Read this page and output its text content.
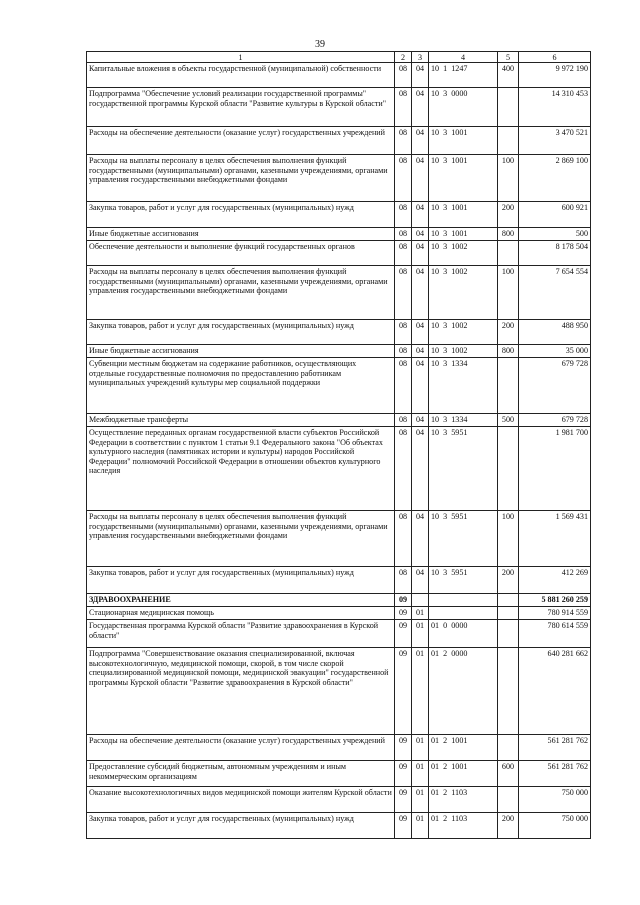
39
1	2	3	4	5	6
Капитальные вложения в объекты государственной (муниципальной) собственности	08	04	10  1  1247	400	9 972 190
Подпрограмма "Обеспечение условий реализации государственной программы" государственной программы Курской области "Развитие культуры в Курской области"	08	04	10  3  0000		14 310 453
Расходы на обеспечение деятельности (оказание услуг) государственных учреждений	08	04	10  3  1001		3 470 521
Расходы на выплаты персоналу в целях обеспечения выполнения функций государственными (муниципальными) органами, казенными учреждениями, органами управления государственными внебюджетными фондами	08	04	10  3  1001	100	2 869 100
Закупка товаров, работ и услуг для государственных (муниципальных) нужд	08	04	10  3  1001	200	600 921
Иные бюджетные ассигнования	08	04	10  3  1001	800	500
Обеспечение деятельности и выполнение функций государственных органов	08	04	10  3  1002		8 178 504
Расходы на выплаты персоналу в целях обеспечения выполнения функций государственными (муниципальными) органами, казенными учреждениями, органами управления государственными внебюджетными фондами	08	04	10  3  1002	100	7 654 554
Закупка товаров, работ и услуг для государственных (муниципальных) нужд	08	04	10  3  1002	200	488 950
Иные бюджетные ассигнования	08	04	10  3  1002	800	35 000
Субвенции местным бюджетам на содержание работников, осуществляющих отдельные государственные полномочия по предоставлению работникам муниципальных учреждений культуры мер социальной поддержки	08	04	10  3  1334		679 728
Межбюджетные трансферты	08	04	10  3  1334	500	679 728
Осуществление переданных органам государственной власти субъектов Российской Федерации в соответствии с пунктом 1 статьи 9.1 Федерального закона "Об объектах культурного наследия (памятниках истории и культуры) народов Российской Федерации" полномочий Российской Федерации в отношении объектов культурного наследия	08	04	10  3  5951		1 981 700
Расходы на выплаты персоналу в целях обеспечения выполнения функций государственными (муниципальными) органами, казенными учреждениями, органами управления государственными внебюджетными фондами	08	04	10  3  5951	100	1 569 431
Закупка товаров, работ и услуг для государственных (муниципальных) нужд	08	04	10  3  5951	200	412 269
ЗДРАВООХРАНЕНИЕ	09				5 881 260 259
Стационарная медицинская помощь	09	01			780 914 559
Государственная программа Курской области "Развитие здравоохранения в Курской области"	09	01	01  0  0000		780 614 559
Подпрограмма "Совершенствование оказания специализированной, включая высокотехнологичную, медицинской помощи, скорой, в том числе скорой специализированной медицинской помощи, медицинской эвакуации" государственной программы Курской области "Развитие здравоохранения в Курской области"	09	01	01  2  0000		640 281 662
Расходы на обеспечение деятельности (оказание услуг) государственных учреждений	09	01	01  2  1001		561 281 762
Предоставление субсидий бюджетным, автономным учреждениям и иным некоммерческим организациям	09	01	01  2  1001	600	561 281 762
Оказание высокотехнологичных видов медицинской помощи жителям Курской области	09	01	01  2  1103		750 000
Закупка товаров, работ и услуг для государственных (муниципальных) нужд	09	01	01  2  1103	200	750 000
